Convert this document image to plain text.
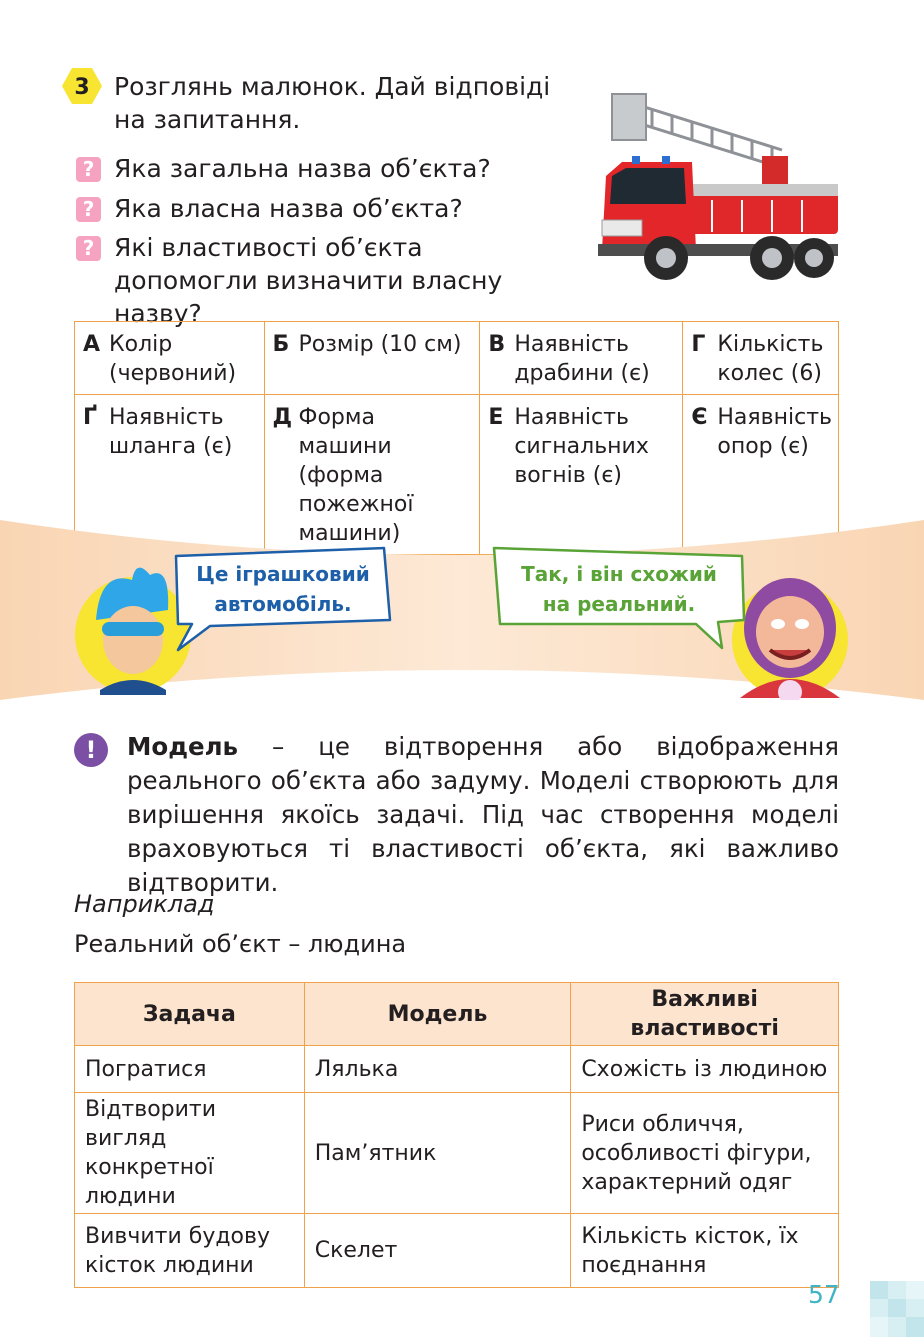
3 Розглянь малюнок. Дай відповіді на запитання.
? Яка загальна назва об’єкта?
? Яка власна назва об’єкта?
? Які властивості об’єкта допомогли визначити власну назву?
А Колір (червоний)	Б Розмір (10 см)	В Наявність драбини (є)	Г Кількість колес (6)

Ґ Наявність шланга (є)	Д Форма машини (форма пожежної машини)	Е Наявність сигнальних вогнів (є)	Є Наявність опор (є)
Це іграшковий
автомобіль.
Так, і він схожий
на реальний.
!	Модель – це відтворення або відображення реального об’єкта або задуму. Моделі створюють для вирішення якоїсь задачі. Під час створення моделі враховуються ті властивості об’єкта, які важливо відтворити.
Наприклад
Реальний об’єкт – людина
Задача	Модель	Важливі властивості
Погратися	Лялька	Схожість із людиною
Відтворити вигляд конкретної людини	Пам’ятник	Риси обличчя, особливості фігури, характерний одяг
Вивчити будову кісток людини	Скелет	Кількість кісток, їх поєднання
57
